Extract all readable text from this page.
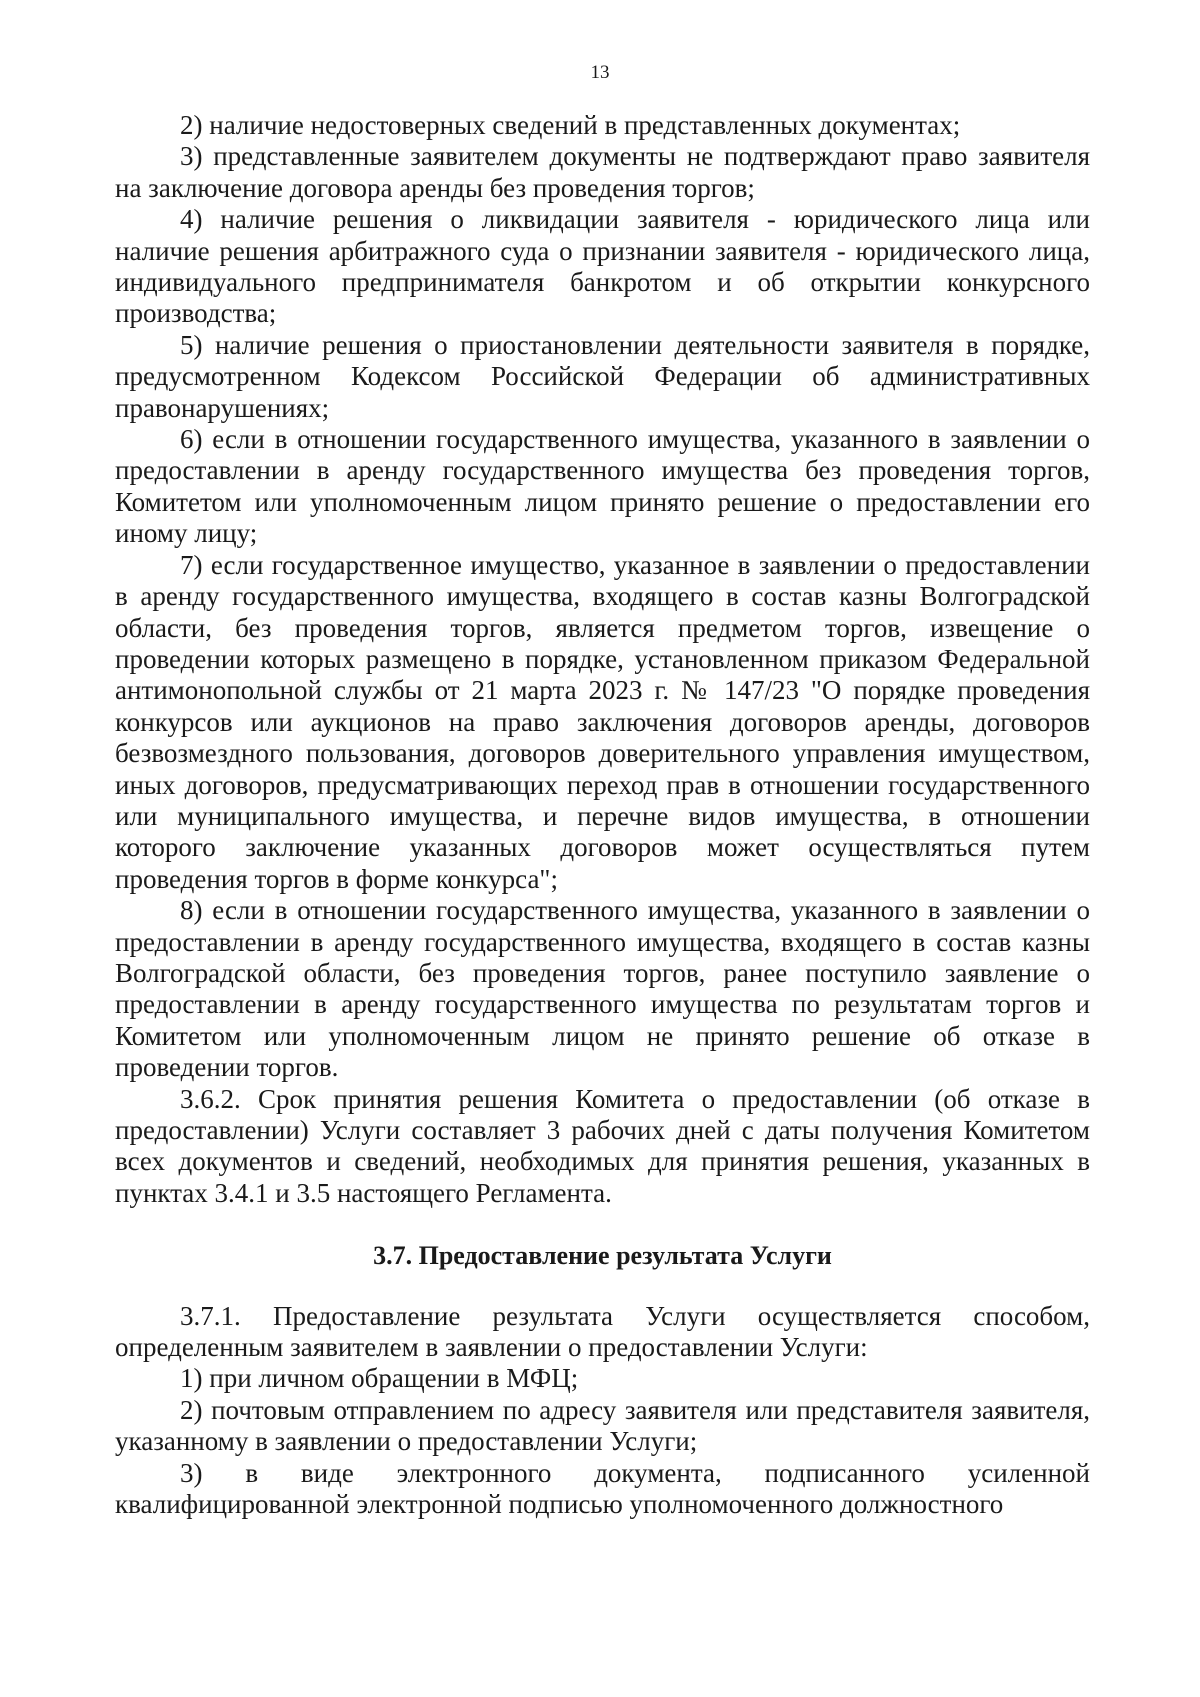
13

2) наличие недостоверных сведений в представленных документах;

3) представленные заявителем документы не подтверждают право заявителя на заключение договора аренды без проведения торгов;

4) наличие решения о ликвидации заявителя - юридического лица или наличие решения арбитражного суда о признании заявителя - юридического лица, индивидуального предпринимателя банкротом и об открытии конкурсного производства;

5) наличие решения о приостановлении деятельности заявителя в порядке, предусмотренном Кодексом Российской Федерации об административных правонарушениях;

6) если в отношении государственного имущества, указанного в заявлении о предоставлении в аренду государственного имущества без проведения торгов, Комитетом или уполномоченным лицом принято решение о предоставлении его иному лицу;

7) если государственное имущество, указанное в заявлении о предоставлении в аренду государственного имущества, входящего в состав казны Волгоградской области, без проведения торгов, является предметом торгов, извещение о проведении которых размещено в порядке, установленном приказом Федеральной антимонопольной службы от 21 марта 2023 г. № 147/23 "О порядке проведения конкурсов или аукционов на право заключения договоров аренды, договоров безвозмездного пользования, договоров доверительного управления имуществом, иных договоров, предусматривающих переход прав в отношении государственного или муниципального имущества, и перечне видов имущества, в отношении которого заключение указанных договоров может осуществляться путем проведения торгов в форме конкурса";

8) если в отношении государственного имущества, указанного в заявлении о предоставлении в аренду государственного имущества, входящего в состав казны Волгоградской области, без проведения торгов, ранее поступило заявление о предоставлении в аренду государственного имущества по результатам торгов и Комитетом или уполномоченным лицом не принято решение об отказе в проведении торгов.

3.6.2. Срок принятия решения Комитета о предоставлении (об отказе в предоставлении) Услуги составляет 3 рабочих дней с даты получения Комитетом всех документов и сведений, необходимых для принятия решения, указанных в пунктах 3.4.1 и 3.5 настоящего Регламента.

3.7. Предоставление результата Услуги

3.7.1. Предоставление результата Услуги осуществляется способом, определенным заявителем в заявлении о предоставлении Услуги:

1) при личном обращении в МФЦ;

2) почтовым отправлением по адресу заявителя или представителя заявителя, указанному в заявлении о предоставлении Услуги;

3) в виде электронного документа, подписанного усиленной квалифицированной электронной подписью уполномоченного должностного
